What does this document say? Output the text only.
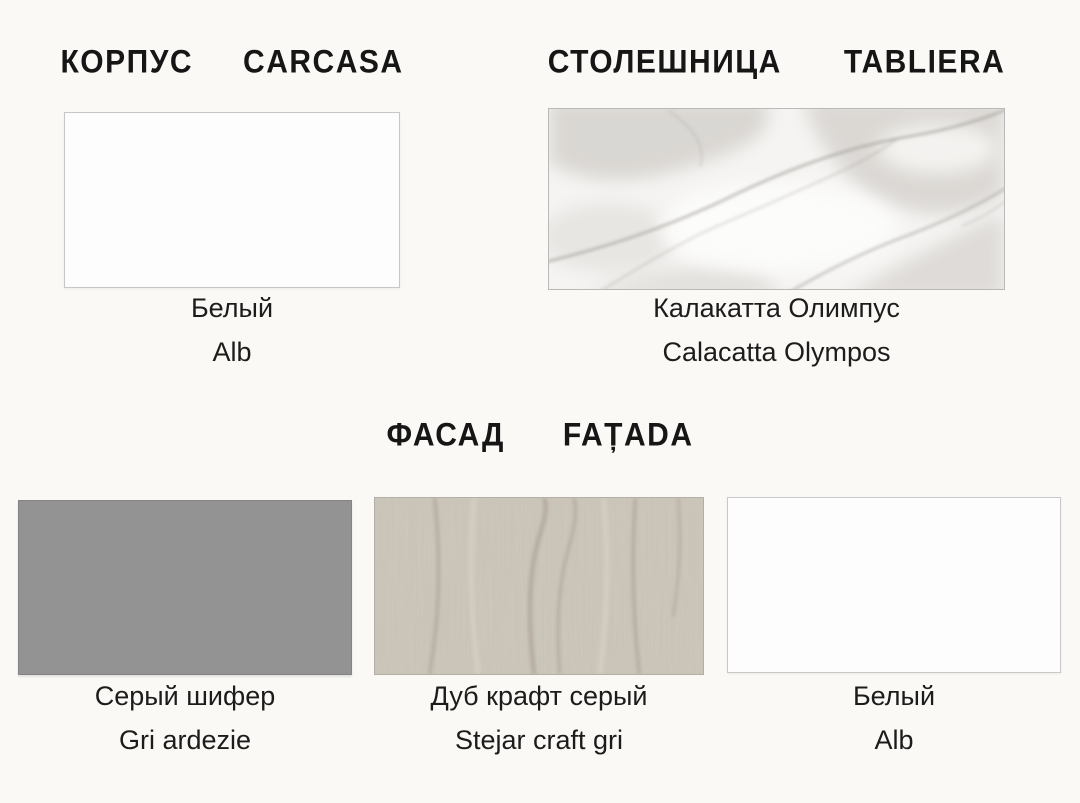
КОРПУС CARCASA
Белый
Alb
СТОЛЕШНИЦА TABLIERA
Калакатта Олимпус
Calacatta Olympos
ФАСАД FAȚADA
Серый шифер
Gri ardezie
Дуб крафт серый
Stejar craft gri
Белый
Alb
